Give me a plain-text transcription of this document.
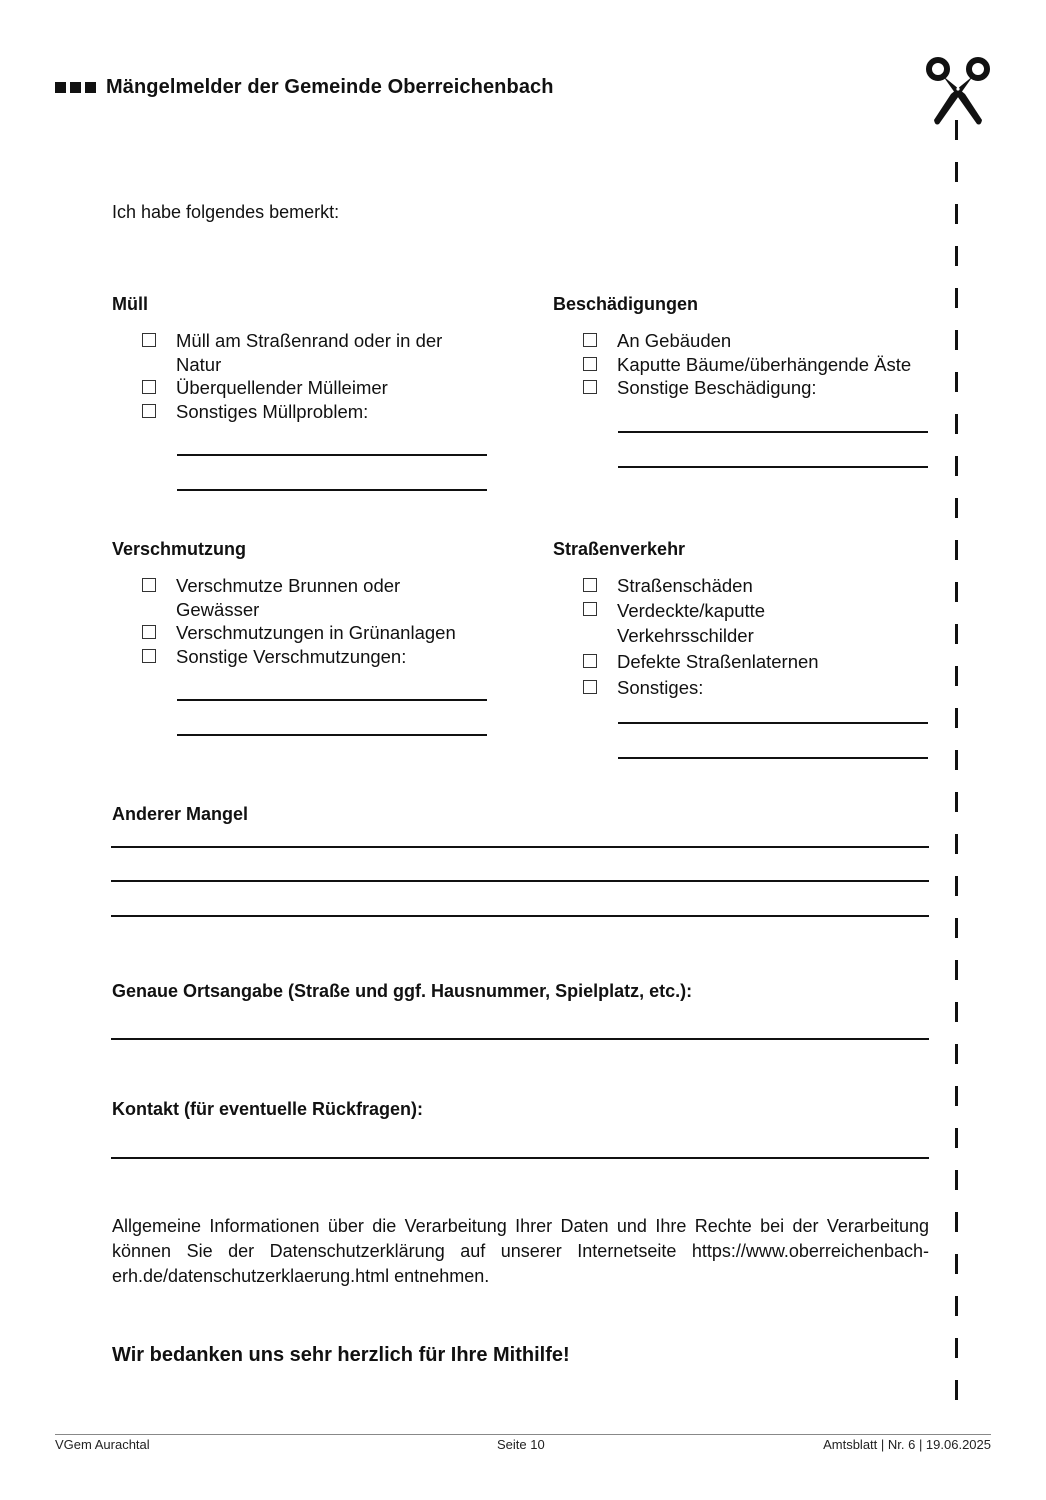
Mängelmelder der Gemeinde Oberreichenbach
Ich habe folgendes bemerkt:
Müll
Müll am Straßenrand oder in der Natur
Überquellender Mülleimer
Sonstiges Müllproblem:
Beschädigungen
An Gebäuden
Kaputte Bäume/überhängende Äste
Sonstige Beschädigung:
Verschmutzung
Verschmutze Brunnen oder Gewässer
Verschmutzungen in Grünanlagen
Sonstige Verschmutzungen:
Straßenverkehr
Straßenschäden
Verdeckte/kaputte Verkehrsschilder
Defekte Straßenlaternen
Sonstiges:
Anderer Mangel
Genaue Ortsangabe (Straße und ggf. Hausnummer, Spielplatz, etc.):
Kontakt (für eventuelle Rückfragen):
Allgemeine Informationen über die Verarbeitung Ihrer Daten und Ihre Rechte bei der Verarbeitung können Sie der Datenschutzerklärung auf unserer Internetseite https://www.oberreichenbach-erh.de/datenschutzerklaerung.html entnehmen.
Wir bedanken uns sehr herzlich für Ihre Mithilfe!
VGem Aurachtal	Seite 10	Amtsblatt | Nr. 6 | 19.06.2025
